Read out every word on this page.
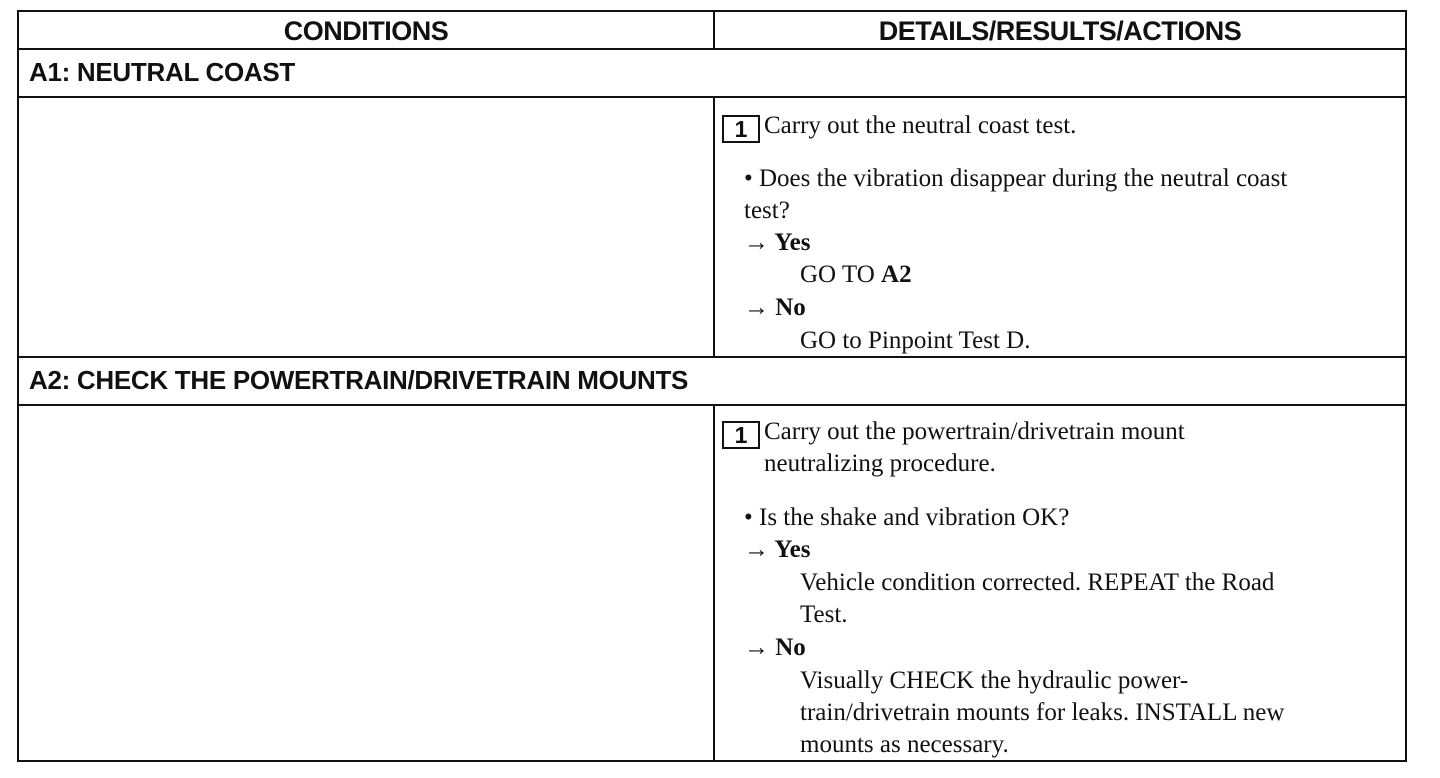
CONDITIONS	DETAILS/RESULTS/ACTIONS
A1: NEUTRAL COAST
1 Carry out the neutral coast test.
• Does the vibration disappear during the neutral coast
test?
→ Yes
GO TO A2
→ No
GO to Pinpoint Test D.
A2: CHECK THE POWERTRAIN/DRIVETRAIN MOUNTS
1 Carry out the powertrain/drivetrain mount
neutralizing procedure.
• Is the shake and vibration OK?
→ Yes
Vehicle condition corrected. REPEAT the Road
Test.
→ No
Visually CHECK the hydraulic power-
train/drivetrain mounts for leaks. INSTALL new
mounts as necessary.
